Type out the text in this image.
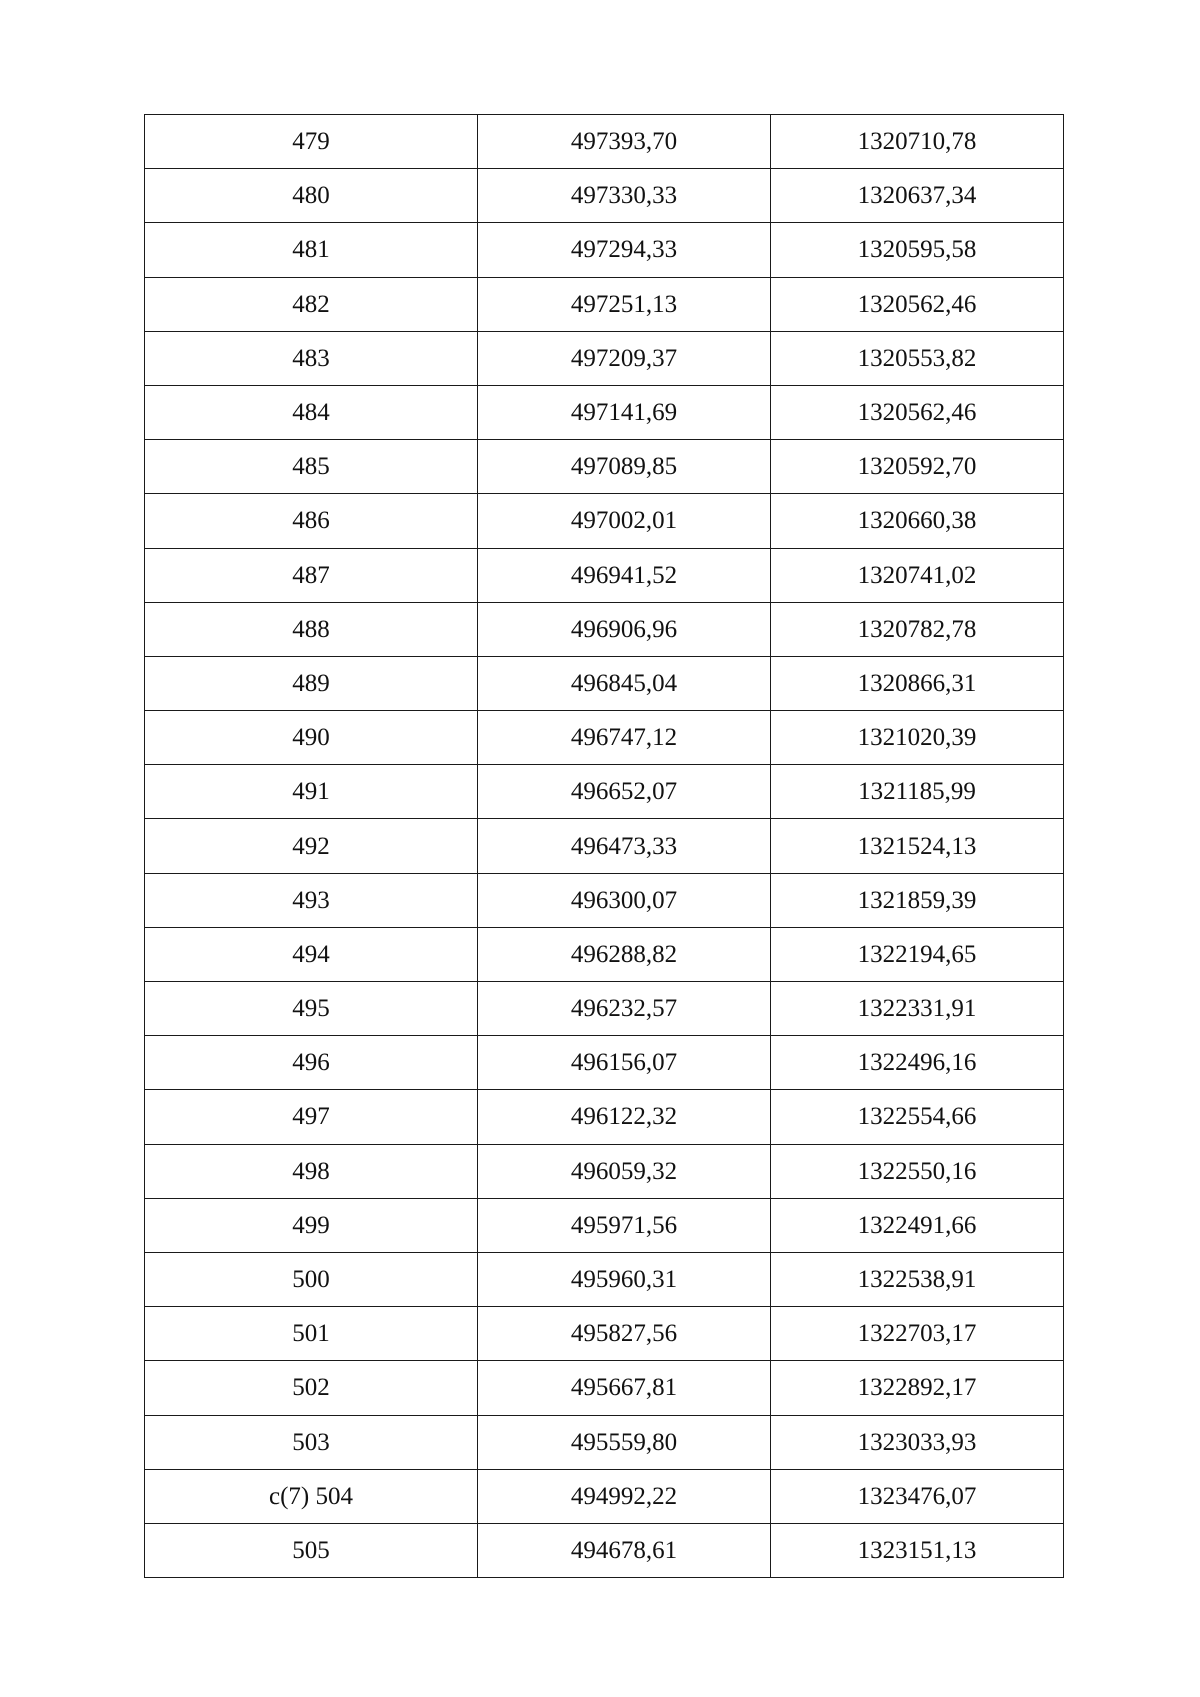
479	497393,70	1320710,78
480	497330,33	1320637,34
481	497294,33	1320595,58
482	497251,13	1320562,46
483	497209,37	1320553,82
484	497141,69	1320562,46
485	497089,85	1320592,70
486	497002,01	1320660,38
487	496941,52	1320741,02
488	496906,96	1320782,78
489	496845,04	1320866,31
490	496747,12	1321020,39
491	496652,07	1321185,99
492	496473,33	1321524,13
493	496300,07	1321859,39
494	496288,82	1322194,65
495	496232,57	1322331,91
496	496156,07	1322496,16
497	496122,32	1322554,66
498	496059,32	1322550,16
499	495971,56	1322491,66
500	495960,31	1322538,91
501	495827,56	1322703,17
502	495667,81	1322892,17
503	495559,80	1323033,93
c(7) 504	494992,22	1323476,07
505	494678,61	1323151,13
